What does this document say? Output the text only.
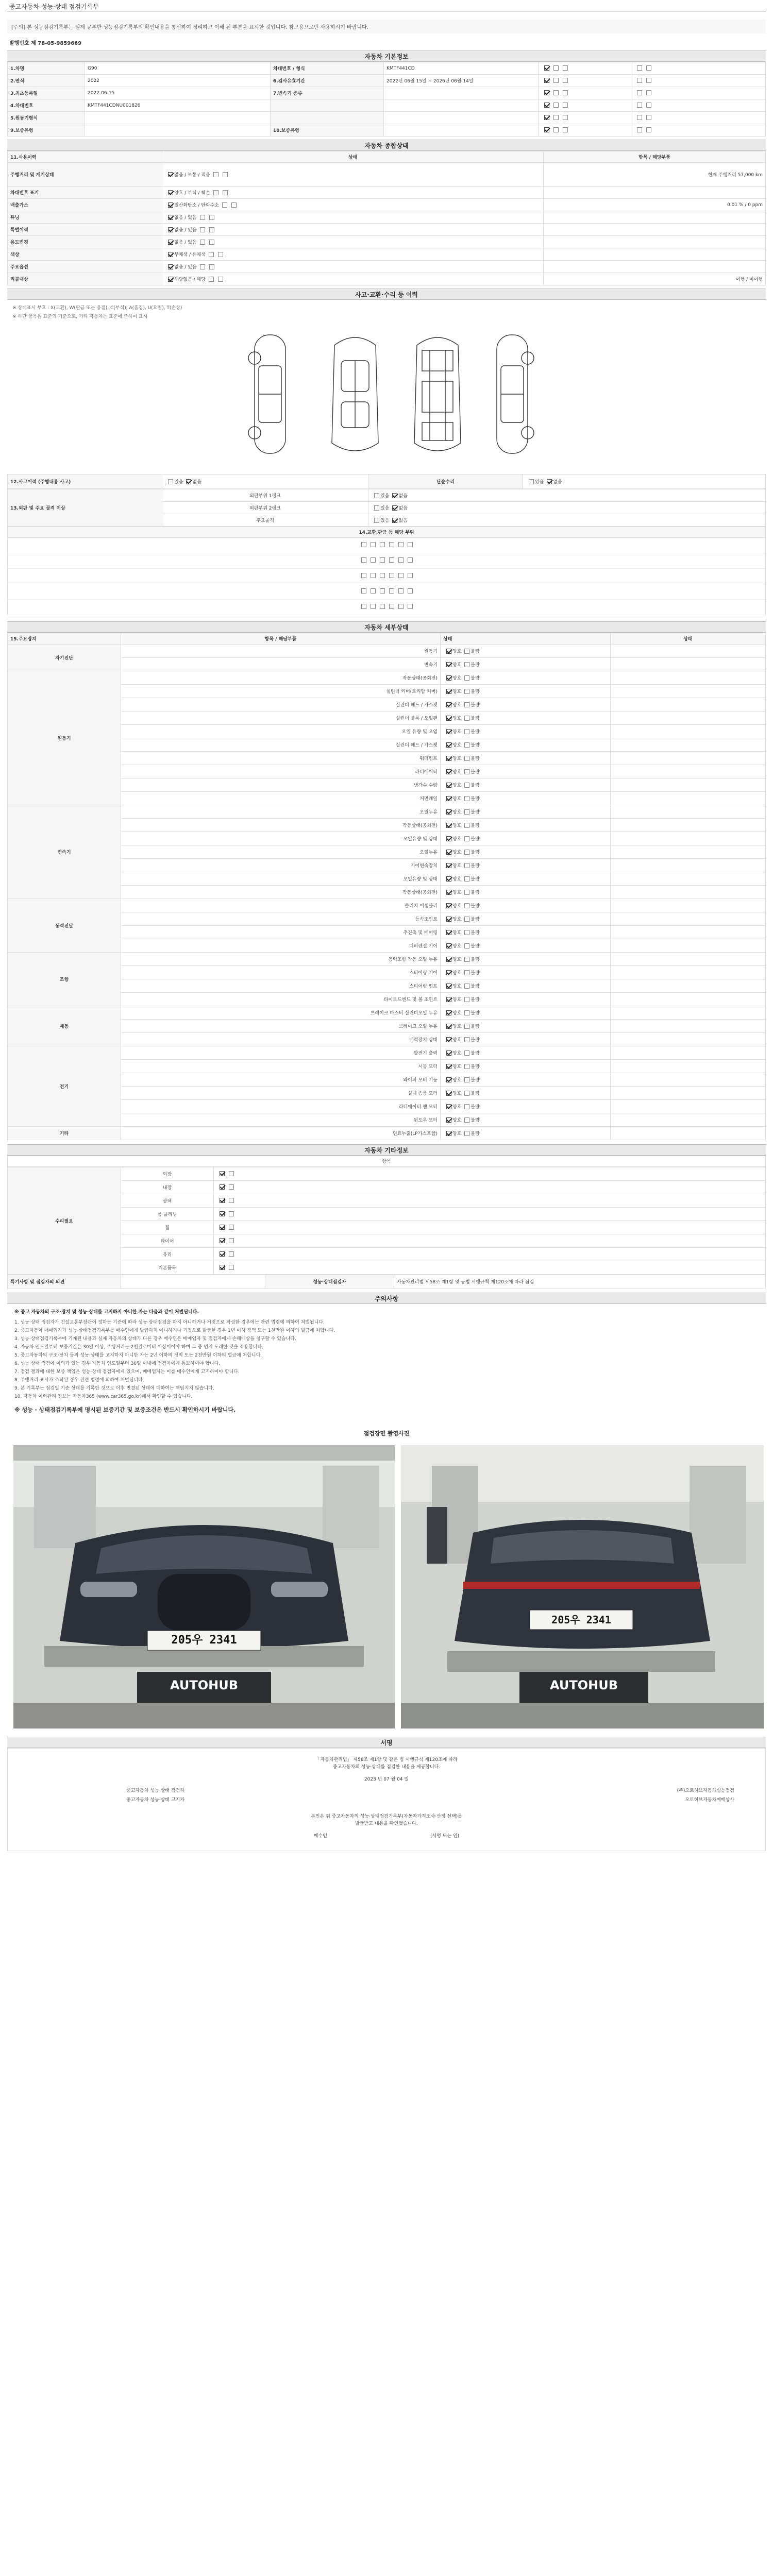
중고자동차 성능·상태 점검기록부
[주의] 본 성능점검기록부는 실제 공부한 성능점검기록부의 확인내용을 통신하여 정리하고 이해 된 부분을 표시한 것입니다. 참고용으로만 사용하시기 바랍니다.
발행번호 제 78-05-9859669
자동차 기본정보
1.차명	G90	차대번호 / 형식	KMTF441CD		
2.연식	2022	6.검사유효기간	2022년 06월 15일 ~ 2026년 06월 14일		
3.최초등록일	2022-06-15	7.변속기 종류			
4.차대번호	KMTF441CDNU001826				
5.원동기형식					
9.보증유형		10.보증유형			
자동차 종합상태
11.사용이력	상태	항목 / 해당부품
주행거리 및 계기상태	많음 / 보통 / 적음	현재 주행거리 57,000 km
차대번호 표기	양호 / 부식 / 훼손	
배출가스	일산화탄소 / 탄화수소	0.01 % / 0 ppm
튜닝	없음 / 있음	
특별이력	없음 / 있음	
용도변경	없음 / 있음	
색상	무채색 / 유채색	
주요옵션	없음 / 있음	
리콜대상	해당없음 / 해당	이행 / 미이행
사고·교환·수리 등 이력
※ 상태표시 부호 : X(교환), W(판금 또는 용접), C(부식), A(흠집), U(요철), T(손상)
※ 하단 항목은 표준의 기준으로, 기타 자동차는 표준에 준하여 표시
12.사고이력 (주행내용 사고)	있음 없음	단순수리	있음 없음
13.외판 및 주요 골격 이상	외판부위 1랭크	있음 없음
	외판부위 2랭크	있음 없음
	주요골격	있음 없음
14.교환,판금 등 해당 부위
자동차 세부상태
15.주요장치	항목 / 해당부품	상태	상태
자기진단	원동기	양호 불량	
	변속기	양호 불량	
원동기	작동상태(공회전)	양호 불량	
	실린더 커버(로커암 커버)	양호 불량	
	실린더 헤드 / 가스켓	양호 불량	
	실린더 블록 / 오일팬	양호 불량	
	오일 유량 및 오염	양호 불량	
	실린더 헤드 / 가스켓	양호 불량	
	워터펌프	양호 불량	
	라디에이터	양호 불량	
	냉각수 수량	양호 불량	
	커먼레일	양호 불량	
변속기	오일누유	양호 불량	
	작동상태(공회전)	양호 불량	
	오일유량 및 상태	양호 불량	
	오일누유	양호 불량	
	기어변속장치	양호 불량	
	오일유량 및 상태	양호 불량	
	작동상태(공회전)	양호 불량	
동력전달	클러치 어셈블리	양호 불량	
	등속조인트	양호 불량	
	추진축 및 베어링	양호 불량	
	디퍼렌셜 기어	양호 불량	
조향	동력조향 작동 오일 누유	양호 불량	
	스티어링 기어	양호 불량	
	스티어링 펌프	양호 불량	
	타이로드엔드 및 볼 조인트	양호 불량	
제동	브레이크 마스터 실린더오일 누유	양호 불량	
	브레이크 오일 누유	양호 불량	
	배력장치 상태	양호 불량	
전기	발전기 출력	양호 불량	
	시동 모터	양호 불량	
	와이퍼 모터 기능	양호 불량	
	실내 송풍 모터	양호 불량	
	라디에이터 팬 모터	양호 불량	
	윈도우 모터	양호 불량	
기타	연료누출(LP가스포함)	양호 불량	
자동차 기타정보
항목
수리필요	외장	
	내장	
	광택	
	룸 클리닝	
	휠	
	타이어	
	유리	
	기본품목	
특기사항 및 점검자의 의견		성능·상태점검자	자동차관리법 제58조 제1항 및 동법 시행규칙 제120조에 따라 점검
주의사항
※ 중고 자동차의 구조·장치 및 성능·상태를 고지하지 아니한 자는 다음과 같이 처벌됩니다.
1. 성능·상태 점검자가 건설교통부장관이 정하는 기준에 따라 성능·상태점검을 하지 아니하거나 거짓으로 작성한 경우에는 관련 법령에 의하여 처벌됩니다.
2. 중고자동차 매매업자가 성능·상태점검기록부를 매수인에게 발급하지 아니하거나 거짓으로 발급한 경우 1년 이하 징역 또는 1천만원 이하의 벌금에 처합니다.
3. 성능·상태점검기록부에 기재된 내용과 실제 자동차의 상태가 다른 경우 매수인은 매매업자 및 점검자에게 손해배상을 청구할 수 있습니다.
4. 자동차 인도일부터 보증기간은 30일 이상, 주행거리는 2천킬로미터 이상이어야 하며 그 중 먼저 도래한 것을 적용합니다.
5. 중고자동차의 구조·장치 등의 성능·상태를 고지하지 아니한 자는 2년 이하의 징역 또는 2천만원 이하의 벌금에 처합니다.
6. 성능·상태 점검에 이의가 있는 경우 자동차 인도일부터 30일 이내에 점검자에게 통보하여야 합니다.
7. 점검 결과에 대한 보증 책임은 성능·상태 점검자에게 있으며, 매매업자는 이를 매수인에게 고지하여야 합니다.
8. 주행거리 표시가 조작된 경우 관련 법령에 의하여 처벌됩니다.
9. 본 기록부는 점검일 기준 상태를 기록한 것으로 이후 변경된 상태에 대하여는 책임지지 않습니다.
10. 자동차 이력관리 정보는 자동차365 (www.car365.go.kr)에서 확인할 수 있습니다.
※ 성능 · 상태점검기록부에 명시된 보증기간 및 보증조건은 반드시 확인하시기 바랍니다.
점검장면 촬영사진
205우 2341
AUTOHUB
205우 2341
AUTOHUB
서명
「자동차관리법」 제58조 제1항 및 같은 법 시행규칙 제120조에 따라
중고자동차의 성능·상태를 점검한 내용을 제공합니다.
2023 년 07 월 04 일
중고자동차 성능·상태 점검자
중고자동차 성능·상태 고지자
(주)오토허브자동차성능점검
오토허브자동차매매상사
본인은 위 중고자동차의 성능·상태점검기록부(자동차가격조사·산정 선택)를
발급받고 내용을 확인했습니다.
매수인	(서명 또는 인)
